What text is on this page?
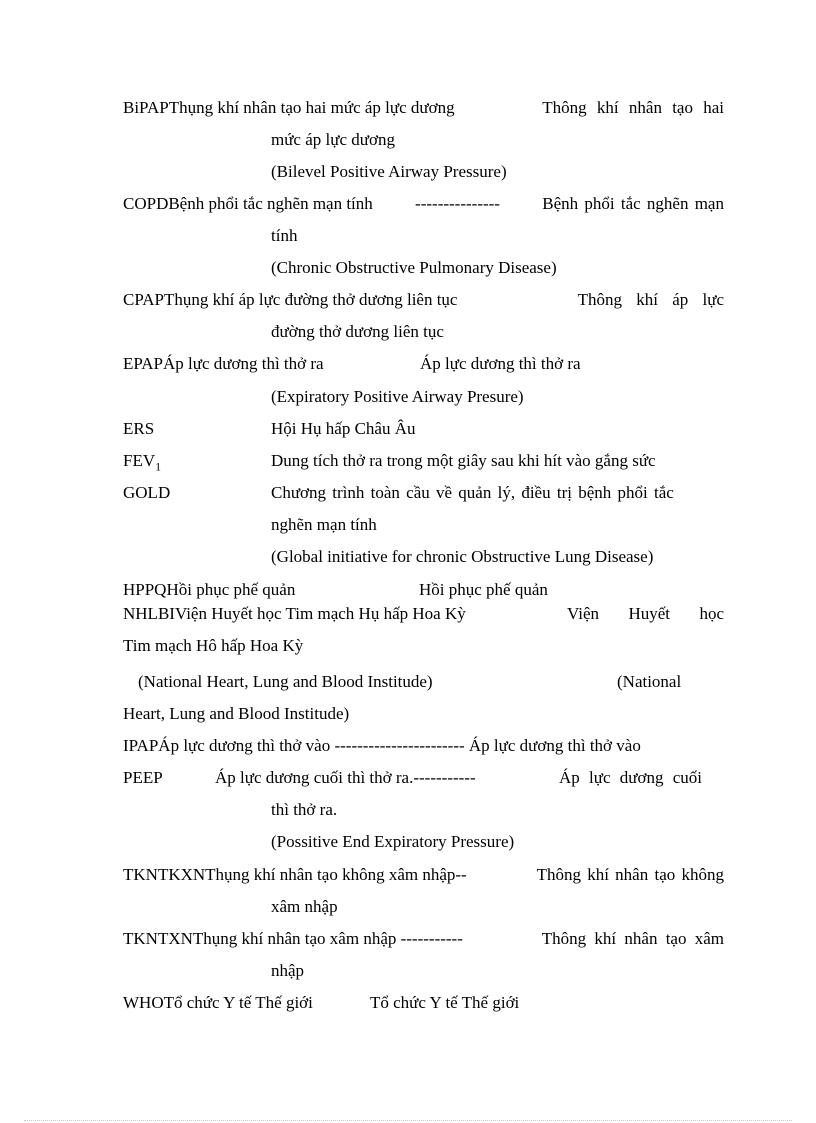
BiPAPThụng khí nhân tạo hai mức áp lực dương	Thông khí nhân tạo hai
mức áp lực dương
(Bilevel Positive Airway Pressure)
COPDBệnh phổi tắc nghẽn mạn tính --------------- Bệnh phổi tắc nghẽn mạn
tính
(Chronic Obstructive Pulmonary Disease)
CPAPThụng khí áp lực đường thở dương liên tục	Thông khí áp lực
đường thở dương liên tục
EPAPÁp lực dương thì thở ra	Áp lực dương thì thở ra
(Expiratory Positive Airway Presure)
ERS	Hội Hụ hấp Châu Âu
$FEV_1$	Dung tích thở ra trong một giây sau khi hít vào gắng sức
GOLD	Chương trình toàn cầu về quản lý, điều trị bệnh phổi tắc
nghẽn mạn tính
(Global initiative for chronic Obstructive Lung Disease)
HPPQHồi phục phế quản	Hồi phục phế quản
NHLBIViện Huyết học Tim mạch Hụ hấp Hoa Kỳ	Viện Huyết học
Tim mạch Hô hấp Hoa Kỳ
(National Heart, Lung and Blood Institude)	(National
Heart, Lung and Blood Institude)
IPAPÁp lực dương thì thở vào ----------------------- Áp lực dương thì thở vào
PEEP	Áp lực dương cuối thì thở ra.-----------	Áp lực dương cuối
thì thở ra.
(Possitive End Expiratory Pressure)
TKNTKXNThụng khí nhân tạo không xâm nhập--	Thông khí nhân tạo không
xâm nhập
TKNTXNThụng khí nhân tạo xâm nhập -----------	Thông khí nhân tạo xâm
nhập
WHOTổ chức Y tế Thế giới	Tổ chức Y tế Thế giới
